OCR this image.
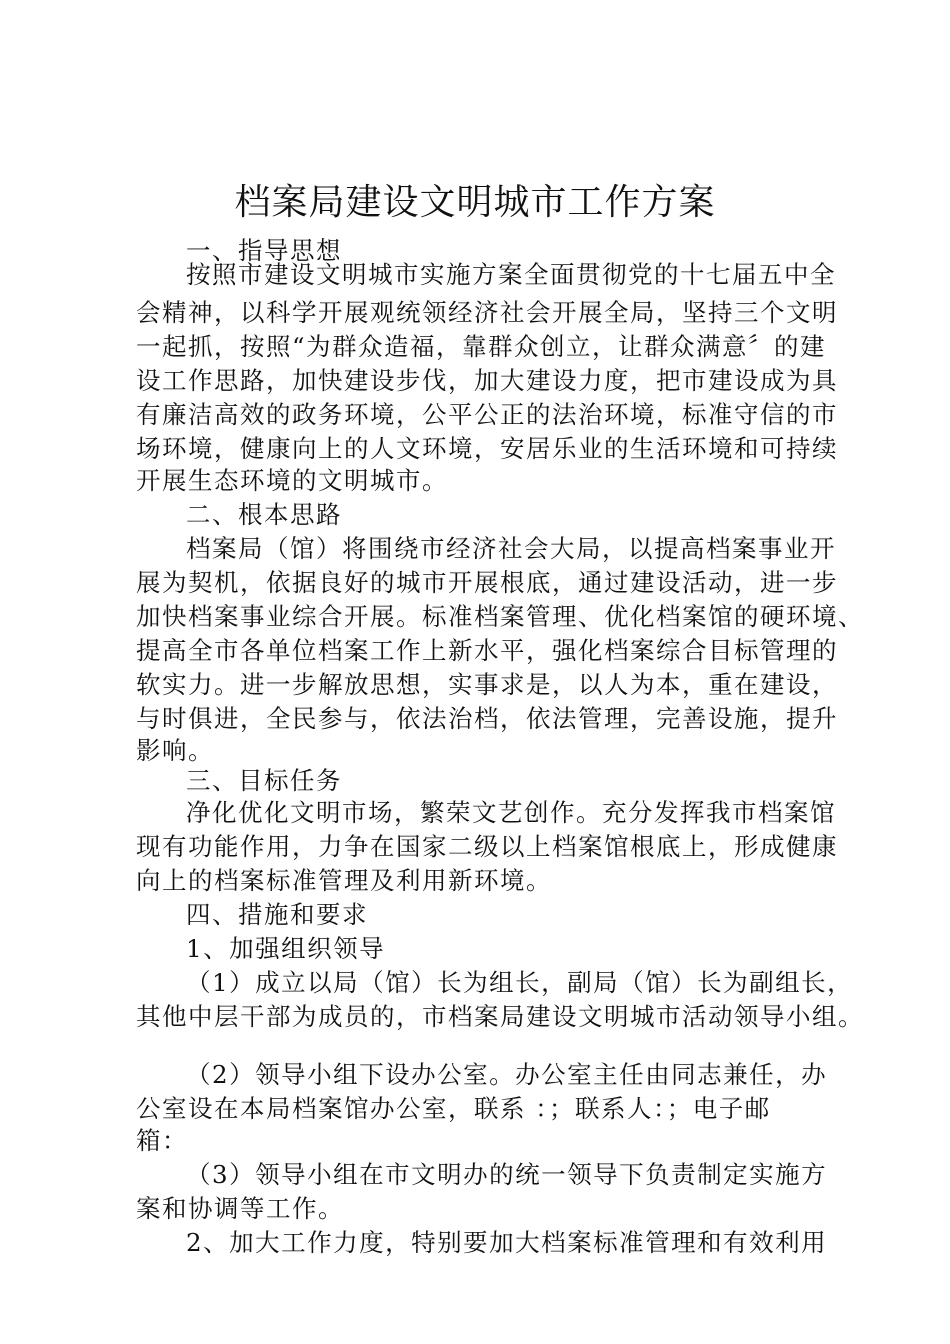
档案局建设文明城市工作方案
一、指导思想
按照市建设文明城市实施方案全面贯彻党的十七届五中全
会精神，以科学开展观统领经济社会开展全局，坚持三个文明
一起抓，按照“为群众造福，靠群众创立，让群众满意〞的建
设工作思路，加快建设步伐，加大建设力度，把市建设成为具
有廉洁高效的政务环境，公平公正的法治环境，标准守信的市
场环境，健康向上的人文环境，安居乐业的生活环境和可持续
开展生态环境的文明城市。
二、根本思路
档案局（馆）将围绕市经济社会大局，以提高档案事业开
展为契机，依据良好的城市开展根底，通过建设活动，进一步
加快档案事业综合开展。标准档案管理、优化档案馆的硬环境、
提高全市各单位档案工作上新水平，强化档案综合目标管理的
软实力。进一步解放思想，实事求是，以人为本，重在建设，
与时俱进，全民参与，依法治档，依法管理，完善设施，提升
影响。
三、目标任务
净化优化文明市场，繁荣文艺创作。充分发挥我市档案馆
现有功能作用，力争在国家二级以上档案馆根底上，形成健康
向上的档案标准管理及利用新环境。
四、措施和要求
1、加强组织领导
（1）成立以局（馆）长为组长，副局（馆）长为副组长，
其他中层干部为成员的，市档案局建设文明城市活动领导小组。
（2）领导小组下设办公室。办公室主任由同志兼任，办
公室设在本局档案馆办公室，联系 ：；联系人：；电子邮
箱：
（3）领导小组在市文明办的统一领导下负责制定实施方
案和协调等工作。
2、加大工作力度，特别要加大档案标准管理和有效利用
